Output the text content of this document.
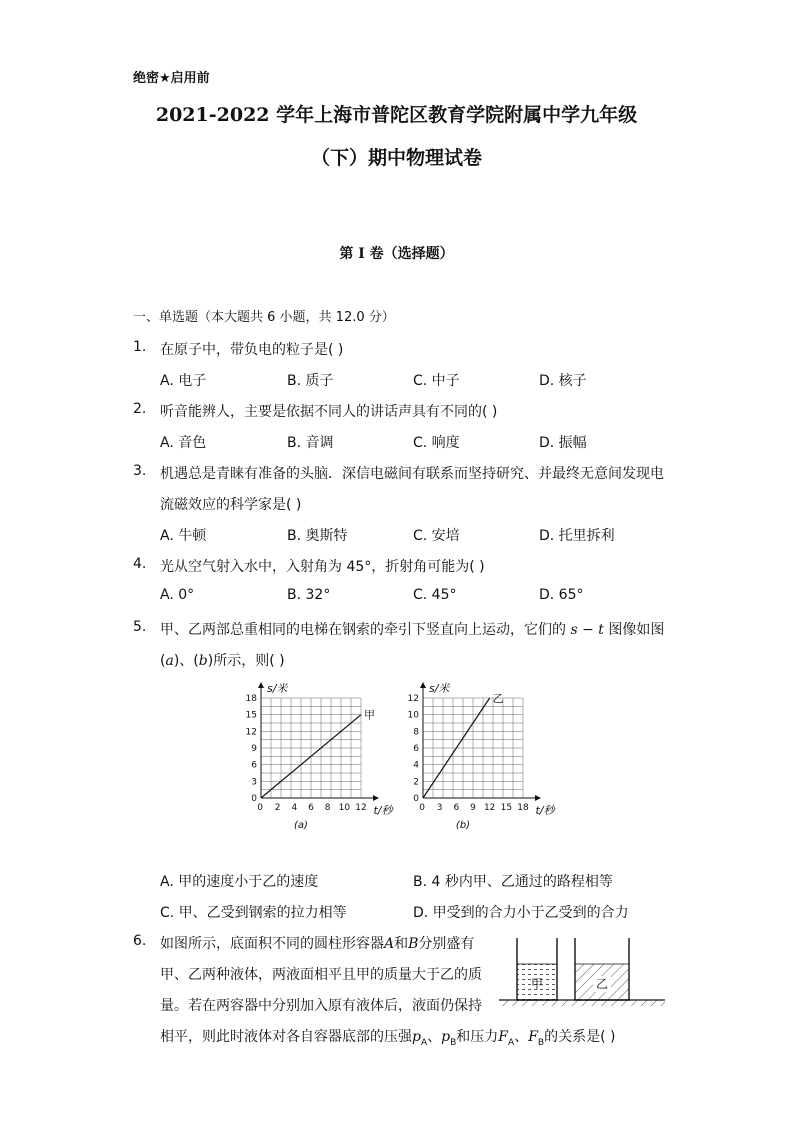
绝密★启用前
2021-2022 学年上海市普陀区教育学院附属中学九年级
（下）期中物理试卷
第 I 卷（选择题）
一、单选题（本大题共 6 小题，共 12.0 分）
1. 在原子中，带负电的粒子是( )
A. 电子	B. 质子	C. 中子	D. 核子
2. 听音能辨人，主要是依据不同人的讲话声具有不同的( )
A. 音色	B. 音调	C. 响度	D. 振幅
3. 机遇总是青睐有准备的头脑．深信电磁间有联系而坚持研究、并最终无意间发现电
流磁效应的科学家是( )
A. 牛顿	B. 奥斯特	C. 安培	D. 托里拆利
4. 光从空气射入水中，入射角为 45°，折射角可能为( )
A. 0°	B. 32°	C. 45°	D. 65°
5. 甲、乙两部总重相同的电梯在钢索的牵引下竖直向上运动，它们的 s − t 图像如图
(a)、(b)所示，则( )
2 4 6 8 10 12
0
3
6
9
12
15
18
0
s/米
t/秒
(a)
甲
3 6 9 12 15 18
0
2
4
6
8
10
12
0
s/米
t/秒
(b)
乙
A. 甲的速度小于乙的速度	B. 4 秒内甲、乙通过的路程相等
C. 甲、乙受到钢索的拉力相等	D. 甲受到的合力小于乙受到的合力
6. 如图所示，底面积不同的圆柱形容器A和B分别盛有
甲、乙两种液体，两液面相平且甲的质量大于乙的质
量。若在两容器中分别加入原有液体后，液面仍保持
相平，则此时液体对各自容器底部的压强$p_A$、$p_B$和压力$F_A$、$F_B$的关系是( )
甲	乙
